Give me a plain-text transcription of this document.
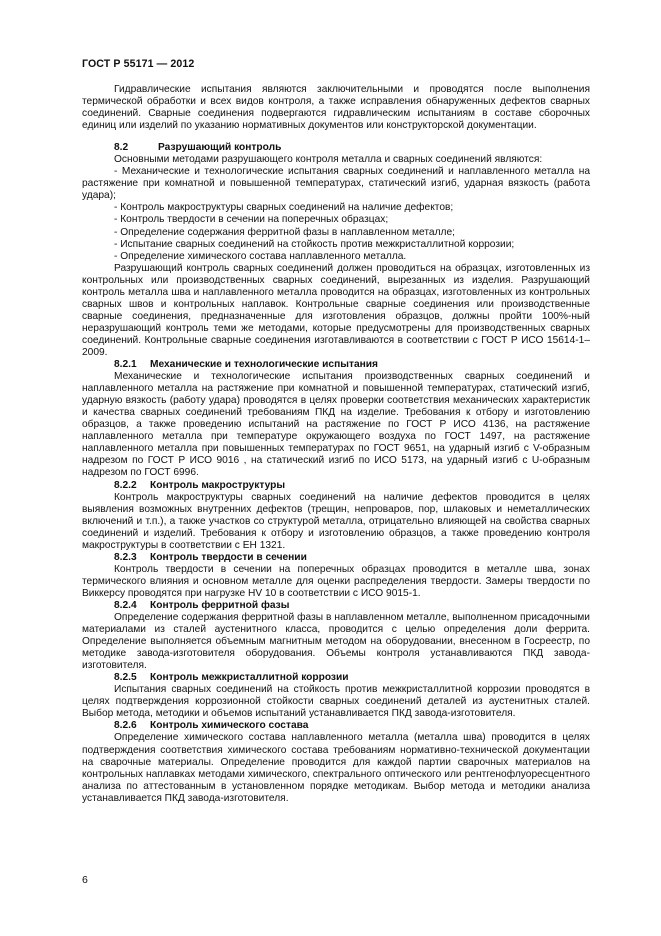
ГОСТ Р 55171 — 2012

Гидравлические испытания являются заключительными и проводятся после выполнения термической обработки и всех видов контроля, а также исправления обнаруженных дефектов сварных соединений. Сварные соединения подвергаются гидравлическим испытаниям в составе сборочных единиц или изделий по указанию нормативных документов или конструкторской документации.

8.2	Разрушающий контроль

Основными методами разрушающего контроля металла и сварных соединений являются:

- Механические и технологические испытания сварных соединений и наплавленного металла на растяжение при комнатной и повышенной температурах, статический изгиб, ударная вязкость (работа удара);
- Контроль макроструктуры сварных соединений на наличие дефектов;
- Контроль твердости в сечении на поперечных образцах;
- Определение содержания ферритной фазы в наплавленном металле;
- Испытание сварных соединений на стойкость против межкристаллитной коррозии;
- Определение химического состава наплавленного металла.

Разрушающий контроль сварных соединений должен проводиться на образцах, изготовленных из контрольных или производственных сварных соединений, вырезанных из изделия. Разрушающий контроль металла шва и наплавленного металла проводится на образцах, изготовленных из контрольных сварных швов и контрольных наплавок. Контрольные сварные соединения или производственные сварные соединения, предназначенные для изготовления образцов, должны пройти 100%-ный неразрушающий контроль теми же методами, которые предусмотрены для производственных сварных соединений. Контрольные сварные соединения изготавливаются в соответствии с ГОСТ Р ИСО 15614-1–2009.

8.2.1 Механические и технологические испытания

Механические и технологические испытания производственных сварных соединений и наплавленного металла на растяжение при комнатной и повышенной температурах, статический изгиб, ударную вязкость (работу удара) проводятся в целях проверки соответствия механических характеристик и качества сварных соединений требованиям ПКД на изделие. Требования к отбору и изготовлению образцов, а также проведению испытаний на растяжение по ГОСТ Р ИСО 4136, на растяжение наплавленного металла при температуре окружающего воздуха по ГОСТ 1497, на растяжение наплавленного металла при повышенных температурах по ГОСТ 9651, на ударный изгиб с V-образным надрезом по ГОСТ Р ИСО 9016 , на статический изгиб по ИСО 5173, на ударный изгиб с U-образным надрезом по ГОСТ 6996.

8.2.2 Контроль макроструктуры

Контроль макроструктуры сварных соединений на наличие дефектов проводится в целях выявления возможных внутренних дефектов (трещин, непроваров, пор, шлаковых и неметаллических включений и т.п.), а также участков со структурой металла, отрицательно влияющей на свойства сварных соединений и изделий. Требования к отбору и изготовлению образцов, а также проведению контроля макроструктуры в соответствии с ЕН 1321.

8.2.3 Контроль твердости в сечении

Контроль твердости в сечении на поперечных образцах проводится в металле шва, зонах термического влияния и основном металле для оценки распределения твердости. Замеры твердости по Виккерсу проводятся при нагрузке HV 10 в соответствии с ИСО 9015-1.

8.2.4 Контроль ферритной фазы

Определение содержания ферритной фазы в наплавленном металле, выполненном присадочными материалами из сталей аустенитного класса, проводится с целью определения доли феррита. Определение выполняется объемным магнитным методом на оборудовании, внесенном в Госреестр, по методике завода-изготовителя оборудования. Объемы контроля устанавливаются ПКД завода-изготовителя.

8.2.5 Контроль межкристаллитной коррозии

Испытания сварных соединений на стойкость против межкристаллитной коррозии проводятся в целях подтверждения коррозионной стойкости сварных соединений деталей из аустенитных сталей. Выбор метода, методики и объемов испытаний устанавливается ПКД завода-изготовителя.

8.2.6 Контроль химического состава

Определение химического состава наплавленного металла (металла шва) проводится в целях подтверждения соответствия химического состава требованиям нормативно-технической документации на сварочные материалы. Определение проводится для каждой партии сварочных материалов на контрольных наплавках методами химического, спектрального оптического или рентгенофлуоресцентного анализа по аттестованным в установленном порядке методикам. Выбор метода и методики анализа устанавливается ПКД завода-изготовителя.

6
